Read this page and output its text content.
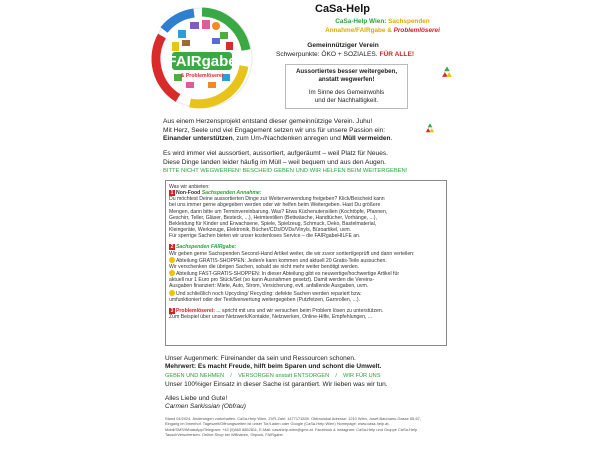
FAIRgabe
& Problemlöserei
CaSa-Help
CaSa-Help Wien: Sachspenden
Annahme/FAIRgabe & Problemlöserei
Gemeinnütziger Verein
Schwerpunkte: ÖKO + SOZIALES. FÜR ALLE!
Aussortiertes besser weitergeben,
anstatt wegwerfen!
Im Sinne des Gemeinwohls
und der Nachhaltigkeit.
Aus einem Herzensprojekt entstand dieser gemeinnützige Verein. Juhu!
Mit Herz, Seele und viel Engagement setzen wir uns für unsere Passion ein:
Einander unterstützen, zum Um-/Nachdenken anregen und Müll vermeiden.
Es wird immer viel aussortiert, aussortiert, aufgeräumt – weil Platz für Neues.
Diese Dinge landen leider häufig im Müll – weil bequem und aus den Augen.
BITTE NICHT WEGWERFEN! BESCHEID GEBEN UND WIR HELFEN BEIM WEITERGEBEN!
Was wir anbieten:
1 Non-Food Sachspenden Annahme:
Du möchtest Deine aussortierten Dinge zur Weiterverwendung freigeben? Klick/Bescheid kann
bei uns immer gerne abgegeben werden oder wir helfen beim Weitergeben. Hast Du größere
Mengen, dann bitte um Terminvereinbarung. Was? Etwa Küchenutensilien (Kochtöpfe, Pfannen,
Geschirr, Teller, Gläser, Besteck, ...), Heimtextilien (Bettwäsche, Handtücher, Vorhänge, ...),
Bekleidung für Kinder und Erwachsene, Spiele, Spielzeug, Schmuck, Deko, Bastelmaterial,
Kleingeräte, Werkzeuge, Elektronik, Bücher/CDs/DVDs/Vinyls, Büroartikel, uvm.
Für sperrige Sachen bieten wir unser kostenloses Service – die FAIRgabeHILFE an.
2 Sachspenden FAIRgabe:
Wir geben gerne Sachspenden Second-Hand Artikel weiter, die wir zuvor sortiert/geprüft und dann verteilen:
Abteilung GRATIS-SHOPPEN: Jeder/e kann kommen und aktuell 20 Gratis-Teile aussuchen.
Wir verschenken die übrigen Sachen, sobald sie nicht mehr weiter benötigt werden.
Abteilung FAST-GRATIS-SHOPPEN: In dieser Abteilung gibt es neuwertige/hochwertige Artikel für
aktuell nur 1 Euro pro Stück/Set (so kann Ausnahmen gesetzt). Damit werden die Vereins-
Ausgaben finanziert: Miete, Auto, Strom, Versicherung, evtl. anfallende Ausgaben, uvm.
Und schließlich noch Upcycling/ Recycling: defekte Sachen werden repariert bzw.
umfunktioniert oder der Textilverwertung weitergegeben (Putzfetzen, Garnrollen, ...).
3 Problemlöserei: ... spricht mit uns und wir versuchen beim Problem lösen zu unterstützen.
Zum Beispiel über unser Netzwerk/Kontakte, Netzwerken, Online-Hilfe, Empfehlungen, ...
Unser Augenmerk: Füreinander da sein und Ressourcen schonen.
Mehrwert: Es macht Freude, hilft beim Sparen und schont die Umwelt.
GEBEN UND NEHMEN    /    VERSORGEN anstatt ENTSORGEN    /    WIR FÜR UNS
Unser 100%iger Einsatz in dieser Sache ist garantiert. Wir lieben was wir tun.
Alles Liebe und Gute!
Carmen Sarkissian (Obfrau)
Stand 04/2024. Änderungen vorbehalten. CaSa-Help Wien, ZVR-Zahl: 1477171839. Obfraulokal Adresse: 1210 Wien, Josef-Baumann-Gasse 65-67, Eingang im Innenhof. Tageszeit/Öffnungszeiten ist unser Tor/Laden oder Google (CaSa-Help Wien) Homepage: www.casa-help.at, Mobil/SMS/WhatsApp/Telegram: +43 (0)660 6852811, E-Mail: casahelp-wien@gmx.at. Facebook & Instagram: CaSa-Help und Gruppe CaSa-Help TauschVerschenken. Online-Shop bei Willhaben, Shpock, FAIRgabe.
